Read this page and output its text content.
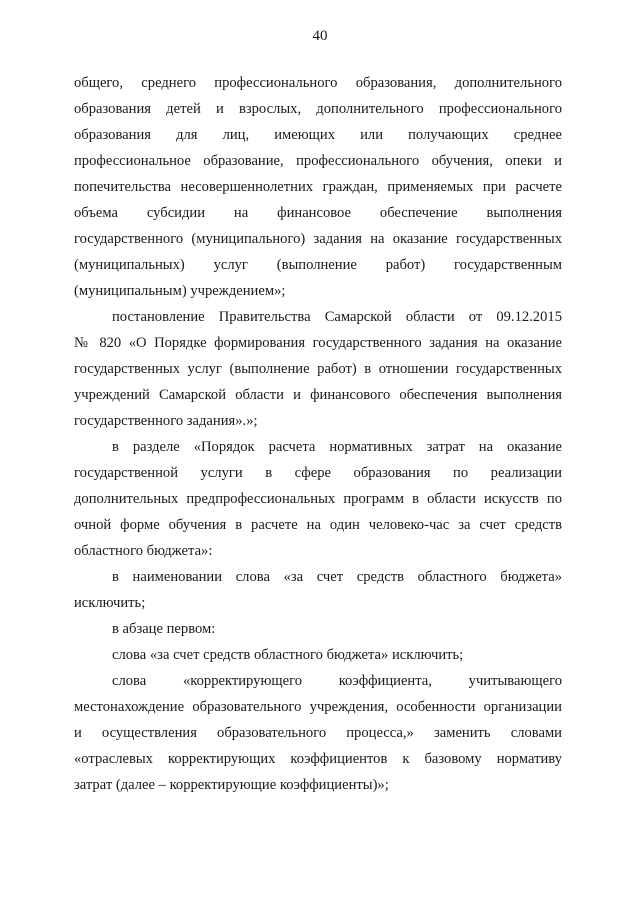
40
общего, среднего профессионального образования, дополнительного
образования детей и взрослых, дополнительного профессионального
образования для лиц, имеющих или получающих среднее
профессиональное образование, профессионального обучения, опеки и
попечительства несовершеннолетних граждан, применяемых при расчете
объема субсидии на финансовое обеспечение выполнения
государственного (муниципального) задания на оказание государственных
(муниципальных) услуг (выполнение работ) государственным
(муниципальным) учреждением»;
постановление Правительства Самарской области от 09.12.2015
№ 820 «О Порядке формирования государственного задания на оказание
государственных услуг (выполнение работ) в отношении государственных
учреждений Самарской области и финансового обеспечения выполнения
государственного задания».»;
в разделе «Порядок расчета нормативных затрат на оказание
государственной услуги в сфере образования по реализации
дополнительных предпрофессиональных программ в области искусств по
очной форме обучения в расчете на один человеко-час за счет средств
областного бюджета»:
в наименовании слова «за счет средств областного бюджета»
исключить;
в абзаце первом:
слова «за счет средств областного бюджета» исключить;
слова «корректирующего коэффициента, учитывающего
местонахождение образовательного учреждения, особенности организации
и осуществления образовательного процесса,» заменить словами
«отраслевых корректирующих коэффициентов к базовому нормативу
затрат (далее – корректирующие коэффициенты)»;
